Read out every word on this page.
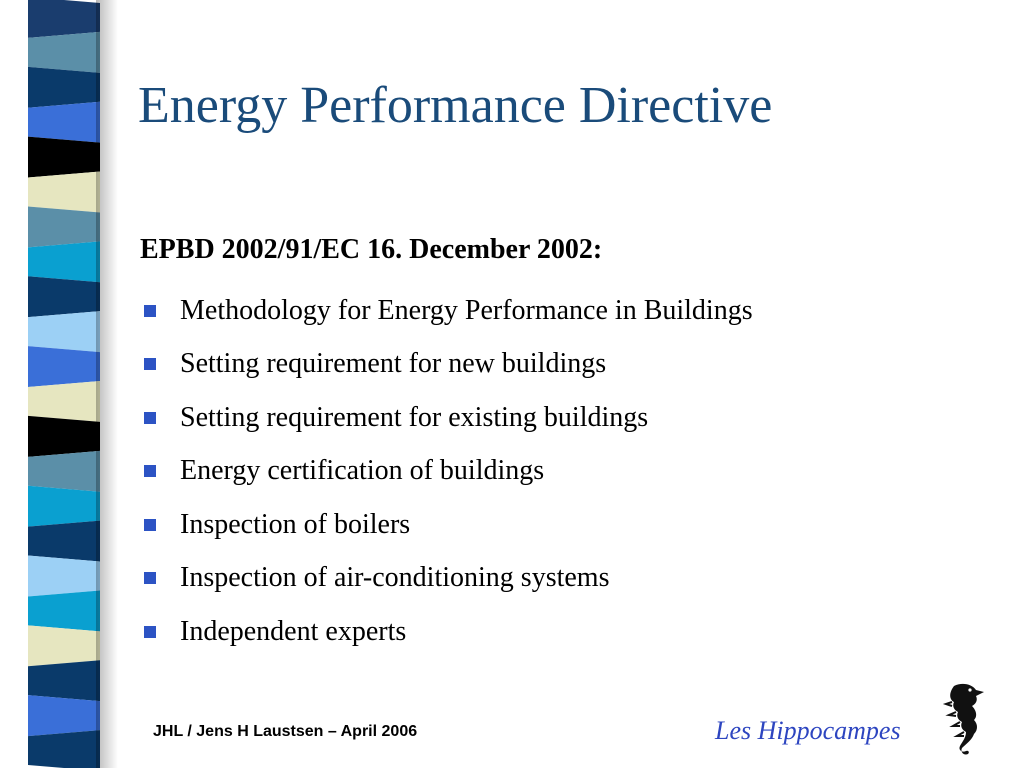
Energy Performance Directive
EPBD 2002/91/EC 16. December 2002:
Methodology for Energy Performance in Buildings
Setting requirement for new buildings
Setting requirement for existing buildings
Energy certification of buildings
Inspection of boilers
Inspection of air-conditioning systems
Independent experts
JHL / Jens H Laustsen – April 2006	Les Hippocampes
